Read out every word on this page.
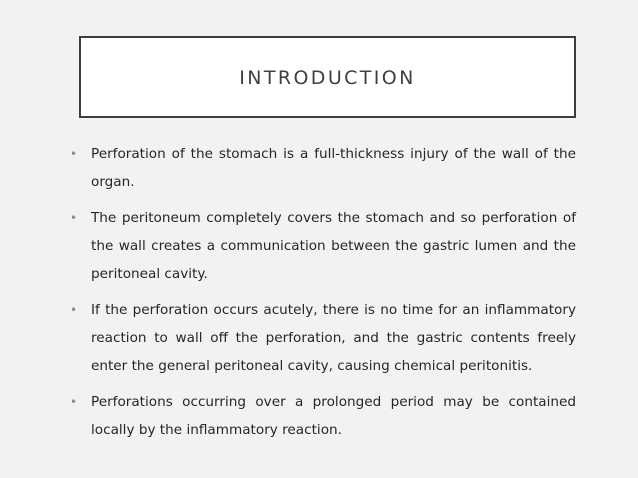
INTRODUCTION
•	Perforation of the stomach is a full-thickness injury of the wall of the organ.
•	The peritoneum completely covers the stomach and so perforation of the wall creates a communication between the gastric lumen and the peritoneal cavity.
•	If the perforation occurs acutely, there is no time for an inflammatory reaction to wall off the perforation, and the gastric contents freely enter the general peritoneal cavity, causing chemical peritonitis.
•	Perforations occurring over a prolonged period may be contained locally by the inflammatory reaction.
